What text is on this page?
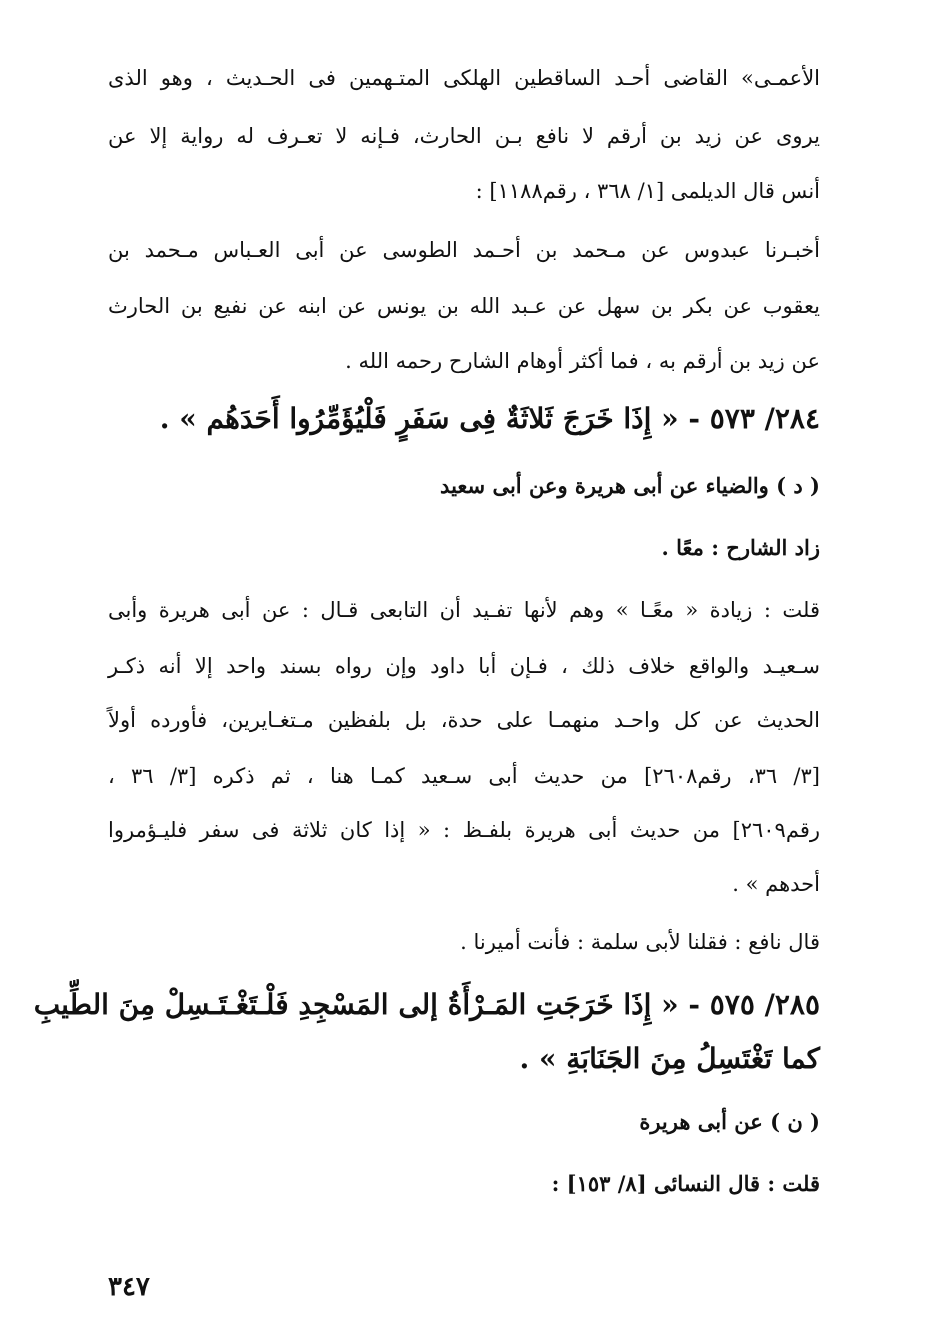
الأعمـى» القاضى أحـد الساقطين الهلكى المتـهمين فى الحـديث ، وهو الذى
يروى عن زيد بن أرقم لا نافع بـن الحارث، فـإنه لا تعـرف له رواية إلا عن
أنس قال الديلمى [١/ ٣٦٨ ، رقم١١٨٨] :
أخبـرنا عبدوس عن مـحمد بن أحـمد الطوسى عن أبى العـباس مـحمد بن
يعقوب عن بكر بن سهل عن عـبد الله بن يونس عن ابنه عن نفيع بن الحارث
عن زيد بن أرقم به ، فما أكثر أوهام الشارح رحمه الله .
٢٨٤/ ٥٧٣ - « إِذَا خَرَجَ ثَلاثَةٌ فِى سَفَرٍ فَلْيُؤَمِّرُوا أَحَدَهُم » .
( د ) والضياء عن أبى هريرة وعن أبى سعيد
زاد الشارح : معًا .
قلت : زيادة « معًـا » وهم لأنها تفـيد أن التابعى قـال : عن أبى هريرة وأبى
سـعيـد والواقع خلاف ذلك ، فـإن أبا داود وإن رواه بسند واحد إلا أنه ذكـر
الحديث عن كل واحـد منهمـا على حدة، بل بلفظين مـتغـايرين، فأورده أولاً
[٣/ ٣٦، رقم٢٦٠٨] من حديث أبى سـعيد كمـا هنا ، ثم ذكره [٣/ ٣٦ ،
رقم٢٦٠٩] من حديث أبى هريرة بلفـظ : « إذا كان ثلاثة فى سفر فليـؤمروا
أحدهم » .
قال نافع : فقلنا لأبى سلمة : فأنت أميرنا .
٢٨٥/ ٥٧٥ - « إِذَا خَرَجَتِ المَـرْأَةُ إلى المَسْجِدِ فَلْـتَغْـتَـسِلْ مِنَ الطِّيبِ
كما تَغْتَسِلُ مِنَ الجَنَابَةِ » .
( ن ) عن أبى هريرة
قلت : قال النسائى [٨/ ١٥٣] :
٣٤٧
